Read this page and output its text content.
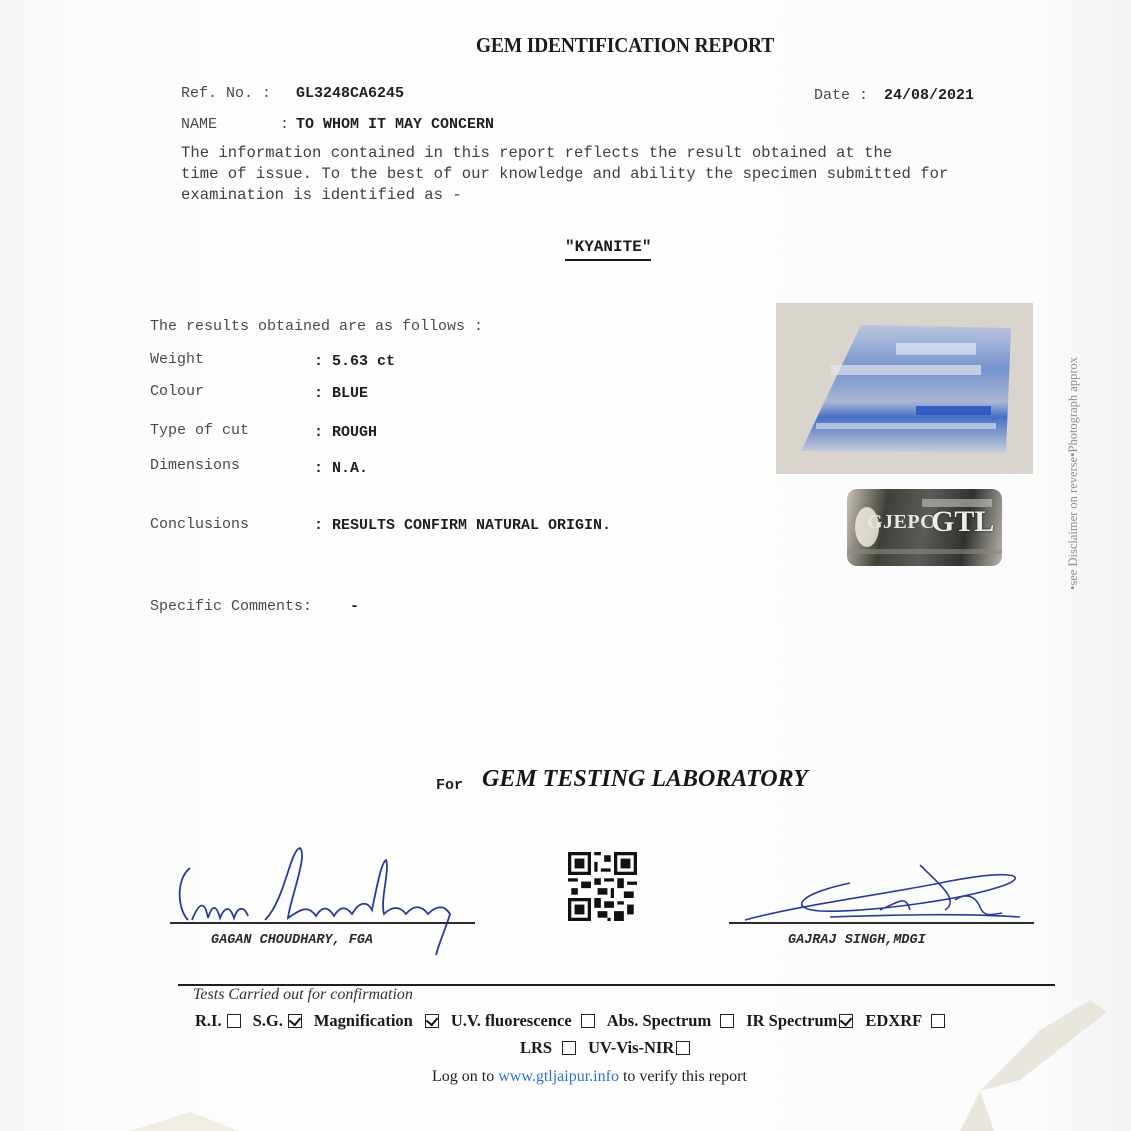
GEM IDENTIFICATION REPORT
Ref. No. : GL3248CA6245	Date : 24/08/2021
NAME	: TO WHOM IT MAY CONCERN
The information contained in this report reflects the result obtained at the
time of issue. To the best of our knowledge and ability the specimen submitted for
examination is identified as -
"KYANITE"
The results obtained are as follows :
Weight	: 5.63 ct
Colour	: BLUE
Type of cut	: ROUGH
Dimensions	: N.A.
Conclusions	: RESULTS CONFIRM NATURAL ORIGIN.
Specific Comments:	-
GJEPC
GTL	•see Disclaimer on reverse•Photograph approx
For GEM TESTING LABORATORY
GAGAN CHOUDHARY, FGA	GAJRAJ SINGH,MDGI
Tests Carried out for confirmation
R.I. S.G. Magnification U.V. fluorescence Abs. Spectrum IR Spectrum EDXRF
LRS UV-Vis-NIR
Log on to www.gtljaipur.info to verify this report
